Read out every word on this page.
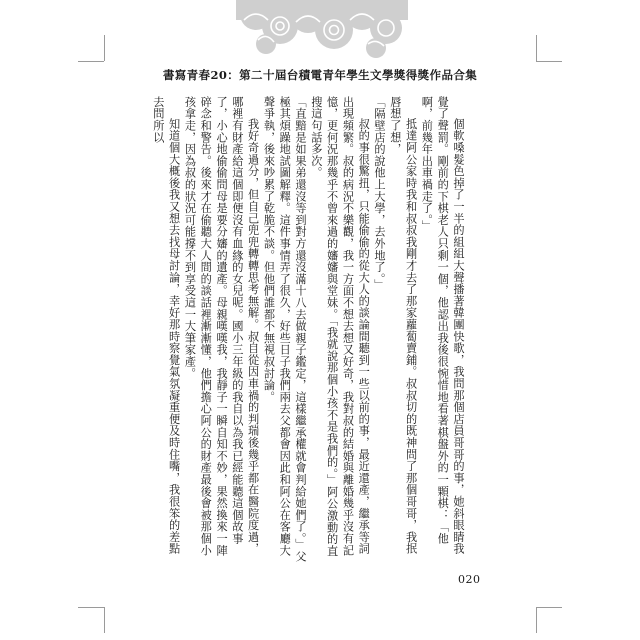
書寫青春20：第二十屆台積電青年學生文學獎得獎作品合集

個軟嗓髮色掉了一半的組組大聲播著韓團快歌，我問那個店員哥哥的事，她斜眼睛我覺了聲罰。剛前的下棋老人只剩一個，他認出我後很惋惜地看著棋盤外的一顆棋：「他啊，前幾年出車禍走了。」

抵達阿公家時我和叔叔我剛才去了那家蘿蔔賣鋪。叔叔切的既神問了那個哥哥，我抿唇想了想，

「隔壁店的說他上大學，去外地了。」

叔的事很驚扭，只能偷偷的從大人的談論間聽到一些以前的事，最近還產，繼承等詞出現頻繁。叔的病況不樂觀，我一方面不想去想又好奇，我對叔的結婚與離婚幾乎沒有記憶，更何況那幾乎不曾來過的嬸嬸與堂妹。「我就說那個小孩不是我們的。」阿公激動的直搜這句話多次。

「直黯是如果弟還沒等到對方還沒滿十八去做親子鑑定，這樣繼承權就會判給她們了。」父極其煩躁地試圖解釋。這件事情弄了很久，好些日子我們兩去父都會因此和阿公在客廳大聲爭執，後來吵累了乾脆不談。但他們誰都不無視叔討論。

我好奇過分，但自己兜兜轉轉思考無解。叔自從因車禍的判瑞後幾乎都在醫院度過，哪裡有財產給這個即便沒有血緣的女兒呢。國小三年級的我自以為我已經能聽這個故事了，小心地偷偷問母是要分嬸的遺產。母親嘆嘆我，我靜子一瞬自知不妙，果然換來一陣碎念和警告。後來才在偷聽大人間的談話裡漸漸懂，他們擔心阿公的財產最後會被那個小孩拿走，因為叔的狀況可能撐不到享受這一大筆家產。

知道個大概後我又想去找母討論，幸好那時察覺氣氛凝重便及時住嘴，我很笨的差點去問所以

020
